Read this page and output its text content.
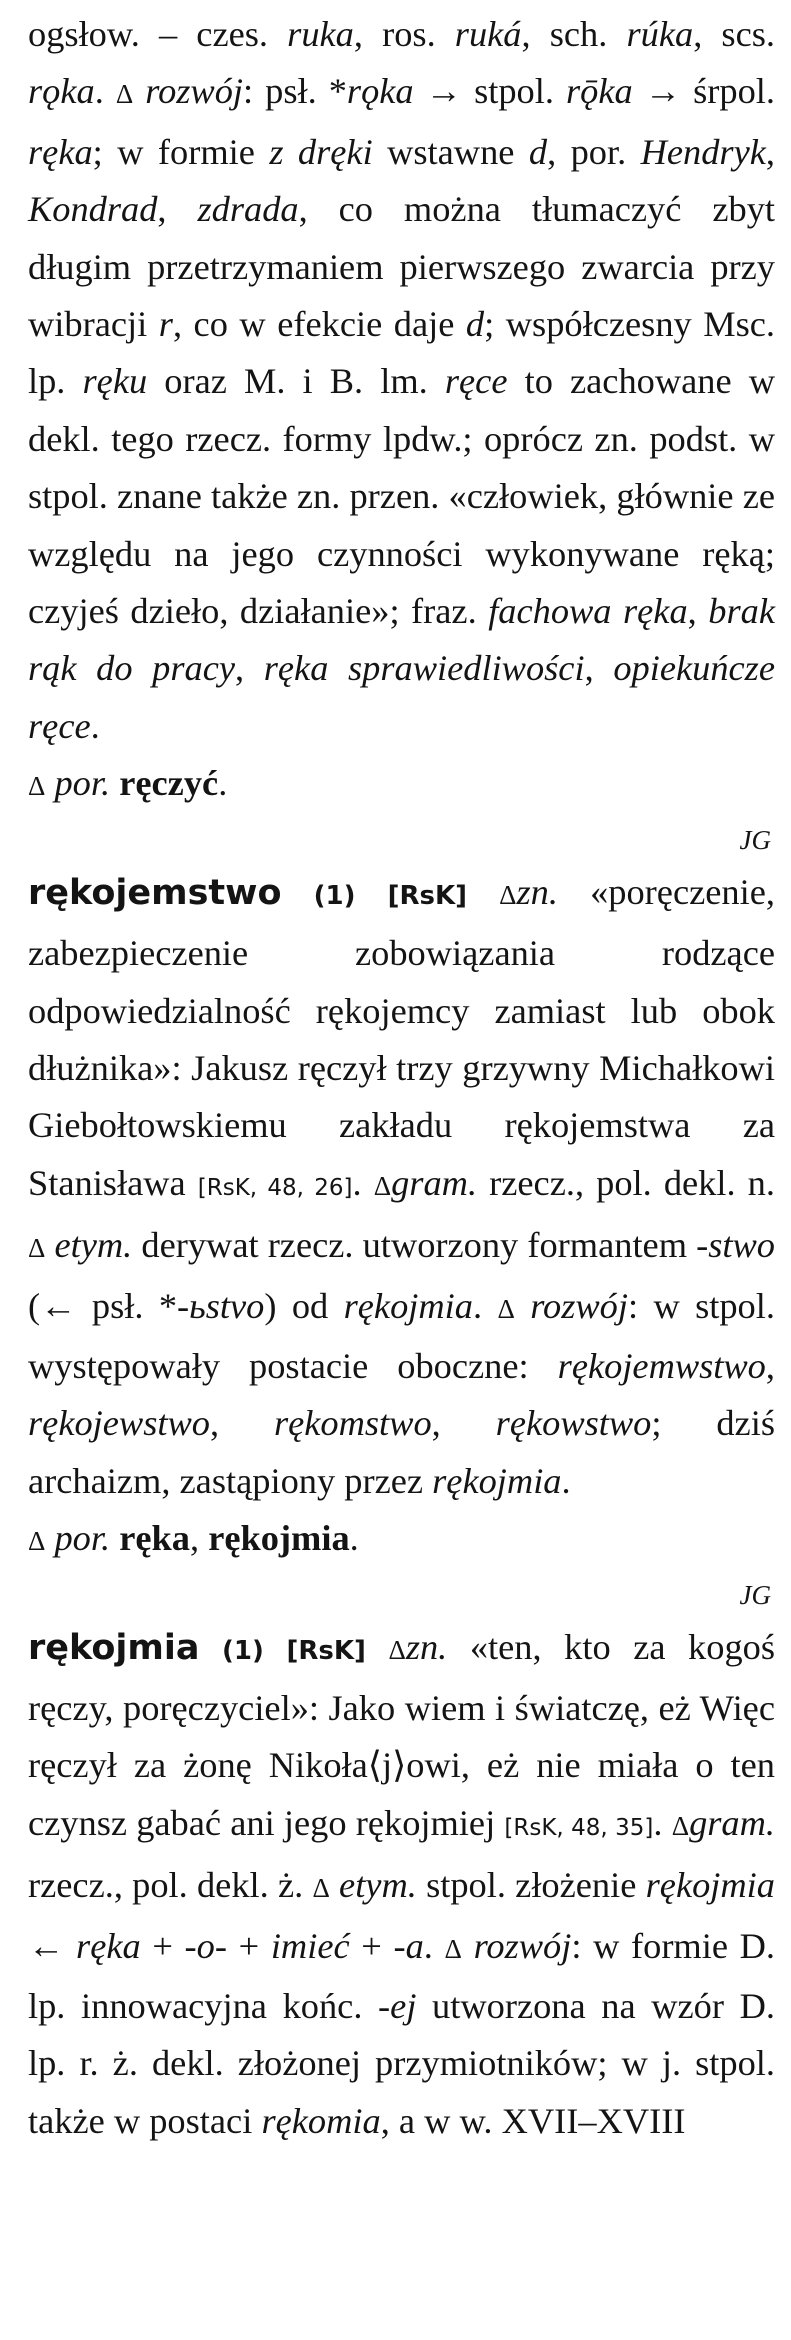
ogsłow. – czes. ruka, ros. ruká, sch. rúka, scs. rǫka. Δ rozwój: psł. *rǫka → stpol. rǭka → śrpol. ręka; w formie z dręki wstawne d, por. Hendryk, Kondrad, zdrada, co można tłumaczyć zbyt długim przetrzymaniem pierwszego zwarcia przy wibracji r, co w efekcie daje d; współczesny Msc. lp. ręku oraz M. i B. lm. ręce to zachowane w dekl. tego rzecz. formy lpdw.; oprócz zn. podst. w stpol. znane także zn. przen. «człowiek, głównie ze względu na jego czynności wykonywane ręką; czyjeś dzieło, działanie»; fraz. fachowa ręka, brak rąk do pracy, ręka sprawiedliwości, opiekuńcze ręce.

Δ por. ręczyć.

JG

rękojemstwo (1) [RsK] Δzn. «poręczenie, zabezpieczenie zobowiązania rodzące odpowiedzialność rękojemcy zamiast lub obok dłużnika»: Jakusz ręczył trzy grzywny Michałkowi Giebołtowskiemu zakładu rękojemstwa za Stanisława [RsK, 48, 26]. Δgram. rzecz., pol. dekl. n. Δ etym. derywat rzecz. utworzony formantem -stwo (← psł. *-ьstvo) od rękojmia. Δ rozwój: w stpol. występowały postacie oboczne: rękojemwstwo, rękojewstwo, rękomstwo, rękowstwo; dziś archaizm, zastąpiony przez rękojmia.

Δ por. ręka, rękojmia.

JG

rękojmia (1) [RsK] Δzn. «ten, kto za kogoś ręczy, poręczyciel»: Jako wiem i światczę, eż Więc ręczył za żonę Nikoła⟨j⟩owi, eż nie miała o ten czynsz gabać ani jego rękojmiej [RsK, 48, 35]. Δgram. rzecz., pol. dekl. ż. Δ etym. stpol. złożenie rękojmia ← ręka + -o- + imieć + -a. Δ rozwój: w formie D. lp. innowacyjna końc. -ej utworzona na wzór D. lp. r. ż. dekl. złożonej przymiotników; w j. stpol. także w postaci rękomia, a w w. XVII–XVIII
